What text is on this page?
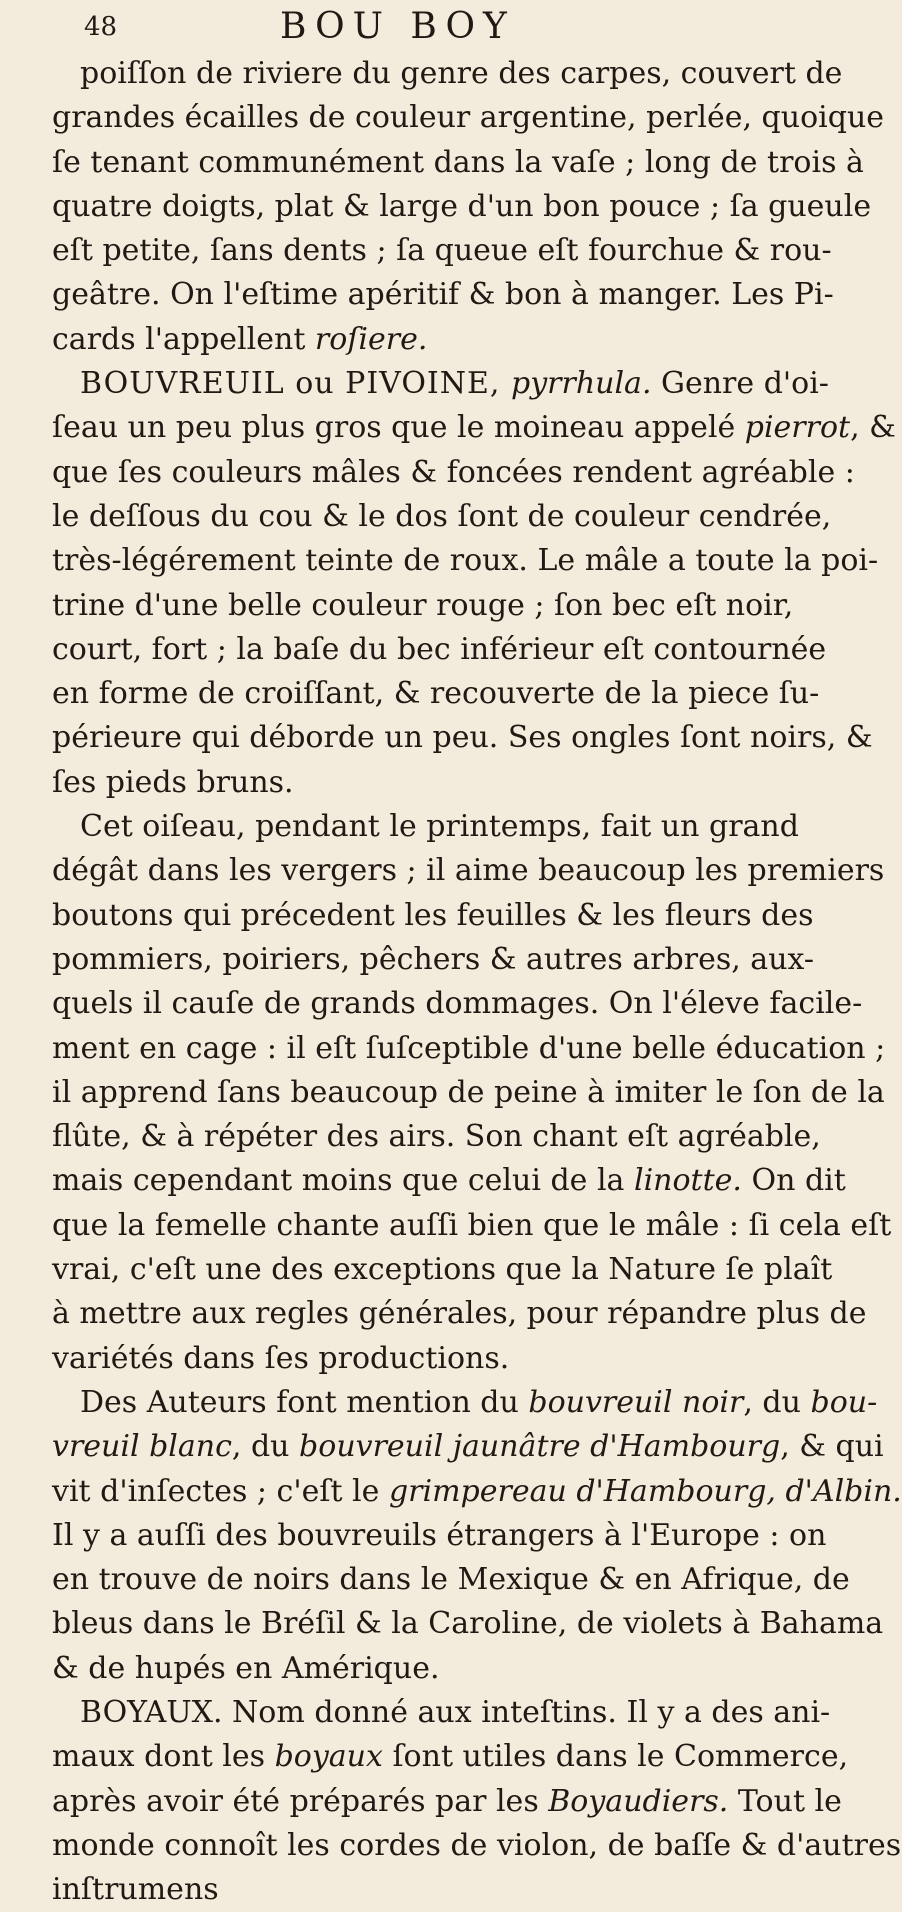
48	BOU BOY
poiſſon de riviere du genre des carpes, couvert de
grandes écailles de couleur argentine, perlée, quoique
ſe tenant communément dans la vaſe ; long de trois à
quatre doigts, plat & large d'un bon pouce ; ſa gueule
eſt petite, ſans dents ; ſa queue eſt fourchue & rou-
geâtre. On l'eſtime apéritif & bon à manger. Les Pi-
cards l'appellent roſiere.
BOUVREUIL ou PIVOINE, pyrrhula. Genre d'oi-
ſeau un peu plus gros que le moineau appelé pierrot, &
que ſes couleurs mâles & foncées rendent agréable :
le deſſous du cou & le dos ſont de couleur cendrée,
très-légérement teinte de roux. Le mâle a toute la poi-
trine d'une belle couleur rouge ; ſon bec eſt noir,
court, fort ; la baſe du bec inférieur eſt contournée
en forme de croiſſant, & recouverte de la piece ſu-
périeure qui déborde un peu. Ses ongles ſont noirs, &
ſes pieds bruns.
Cet oiſeau, pendant le printemps, fait un grand
dégât dans les vergers ; il aime beaucoup les premiers
boutons qui précedent les feuilles & les fleurs des
pommiers, poiriers, pêchers & autres arbres, aux-
quels il cauſe de grands dommages. On l'éleve facile-
ment en cage : il eſt ſuſceptible d'une belle éducation ;
il apprend ſans beaucoup de peine à imiter le ſon de la
flûte, & à répéter des airs. Son chant eſt agréable,
mais cependant moins que celui de la linotte. On dit
que la femelle chante auſſi bien que le mâle : ſi cela eſt
vrai, c'eſt une des exceptions que la Nature ſe plaît
à mettre aux regles générales, pour répandre plus de
variétés dans ſes productions.
Des Auteurs font mention du bouvreuil noir, du bou-
vreuil blanc, du bouvreuil jaunâtre d'Hambourg, & qui
vit d'inſectes ; c'eſt le grimpereau d'Hambourg, d'Albin.
Il y a auſſi des bouvreuils étrangers à l'Europe : on
en trouve de noirs dans le Mexique & en Afrique, de
bleus dans le Bréſil & la Caroline, de violets à Bahama
& de hupés en Amérique.
BOYAUX. Nom donné aux inteſtins. Il y a des ani-
maux dont les boyaux ſont utiles dans le Commerce,
après avoir été préparés par les Boyaudiers. Tout le
monde connoît les cordes de violon, de baſſe & d'autres
inſtrumens
